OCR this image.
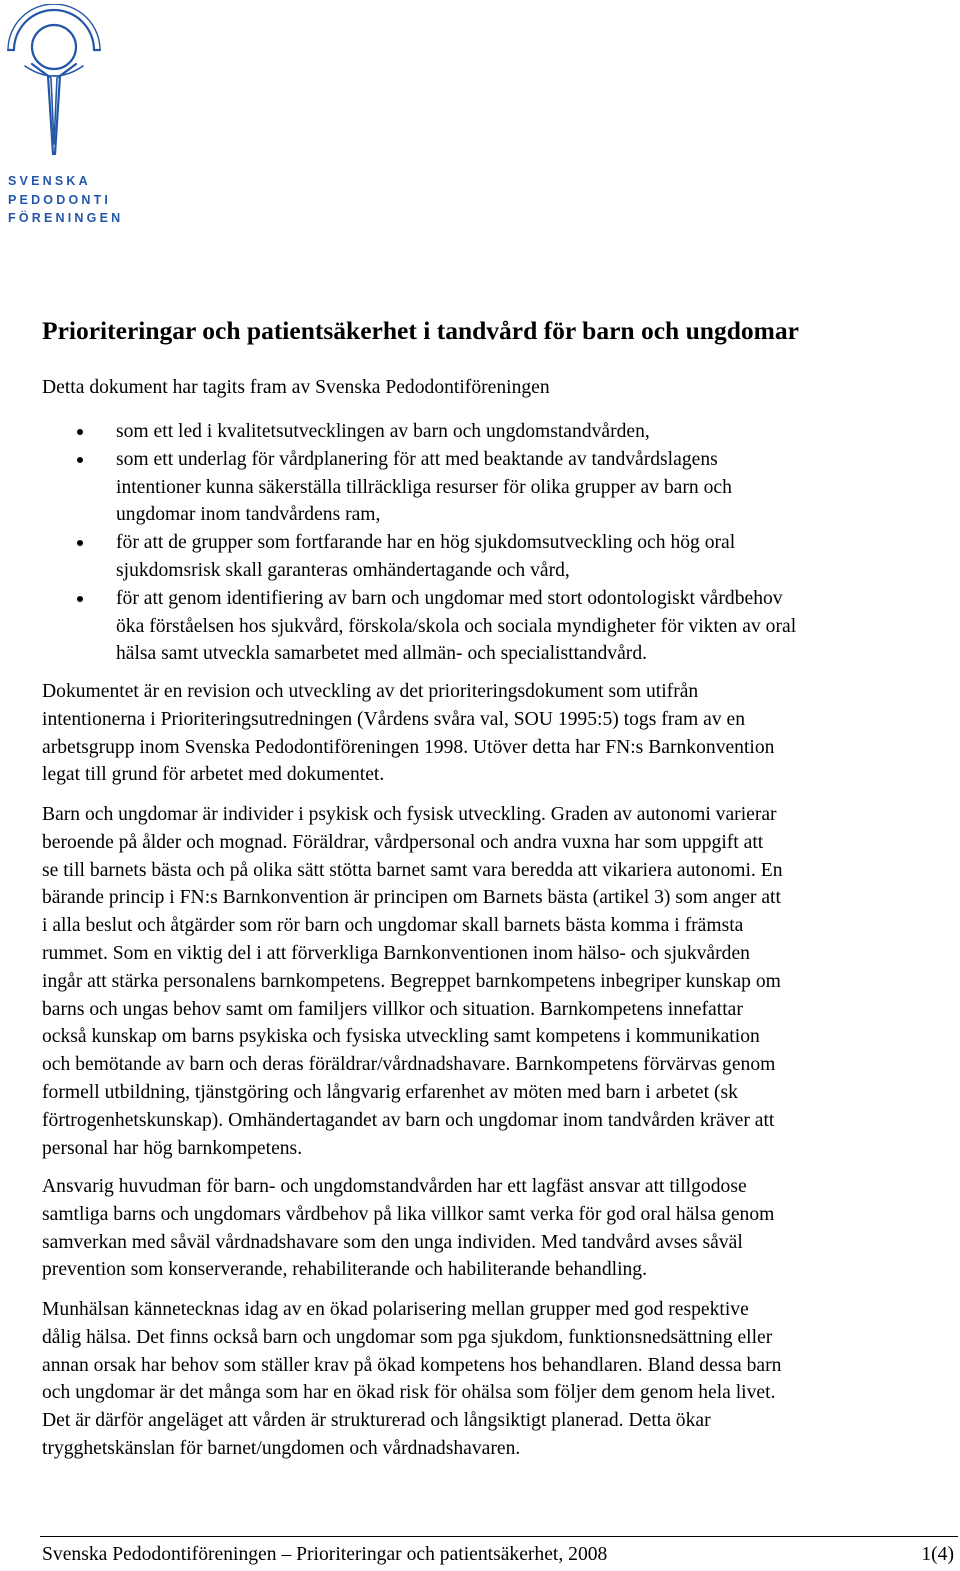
SVENSKA
PEDODONTI
FÖRENINGEN
Prioriteringar och patientsäkerhet i tandvård för barn och ungdomar

Detta dokument har tagits fram av Svenska Pedodontiföreningen

som ett led i kvalitetsutvecklingen av barn och ungdomstandvården,
som ett underlag för vårdplanering för att med beaktande av tandvårdslagens
intentioner kunna säkerställa tillräckliga resurser för olika grupper av barn och
ungdomar inom tandvårdens ram,
för att de grupper som fortfarande har en hög sjukdomsutveckling och hög oral
sjukdomsrisk skall garanteras omhändertagande och vård,
för att genom identifiering av barn och ungdomar med stort odontologiskt vårdbehov
öka förståelsen hos sjukvård, förskola/skola och sociala myndigheter för vikten av oral
hälsa samt utveckla samarbetet med allmän- och specialisttandvård.
Dokumentet är en revision och utveckling av det prioriteringsdokument som utifrån
intentionerna i Prioriteringsutredningen (Vårdens svåra val, SOU 1995:5) togs fram av en
arbetsgrupp inom Svenska Pedodontiföreningen 1998. Utöver detta har FN:s Barnkonvention
legat till grund för arbetet med dokumentet.
Barn och ungdomar är individer i psykisk och fysisk utveckling. Graden av autonomi varierar
beroende på ålder och mognad. Föräldrar, vårdpersonal och andra vuxna har som uppgift att
se till barnets bästa och på olika sätt stötta barnet samt vara beredda att vikariera autonomi. En
bärande princip i FN:s Barnkonvention är principen om Barnets bästa (artikel 3) som anger att
i alla beslut och åtgärder som rör barn och ungdomar skall barnets bästa komma i främsta
rummet. Som en viktig del i att förverkliga Barnkonventionen inom hälso- och sjukvården
ingår att stärka personalens barnkompetens. Begreppet barnkompetens inbegriper kunskap om
barns och ungas behov samt om familjers villkor och situation. Barnkompetens innefattar
också kunskap om barns psykiska och fysiska utveckling samt kompetens i kommunikation
och bemötande av barn och deras föräldrar/vårdnadshavare. Barnkompetens förvärvas genom
formell utbildning, tjänstgöring och långvarig erfarenhet av möten med barn i arbetet (sk
förtrogenhetskunskap). Omhändertagandet av barn och ungdomar inom tandvården kräver att
personal har hög barnkompetens.
Ansvarig huvudman för barn- och ungdomstandvården har ett lagfäst ansvar att tillgodose
samtliga barns och ungdomars vårdbehov på lika villkor samt verka för god oral hälsa genom
samverkan med såväl vårdnadshavare som den unga individen. Med tandvård avses såväl
prevention som konserverande, rehabiliterande och habiliterande behandling.
Munhälsan kännetecknas idag av en ökad polarisering mellan grupper med god respektive
dålig hälsa. Det finns också barn och ungdomar som pga sjukdom, funktionsnedsättning eller
annan orsak har behov som ställer krav på ökad kompetens hos behandlaren. Bland dessa barn
och ungdomar är det många som har en ökad risk för ohälsa som följer dem genom hela livet.
Det är därför angeläget att vården är strukturerad och långsiktigt planerad. Detta ökar
trygghetskänslan för barnet/ungdomen och vårdnadshavaren.
Svenska Pedodontiföreningen – Prioriteringar och patientsäkerhet, 2008	1(4)
